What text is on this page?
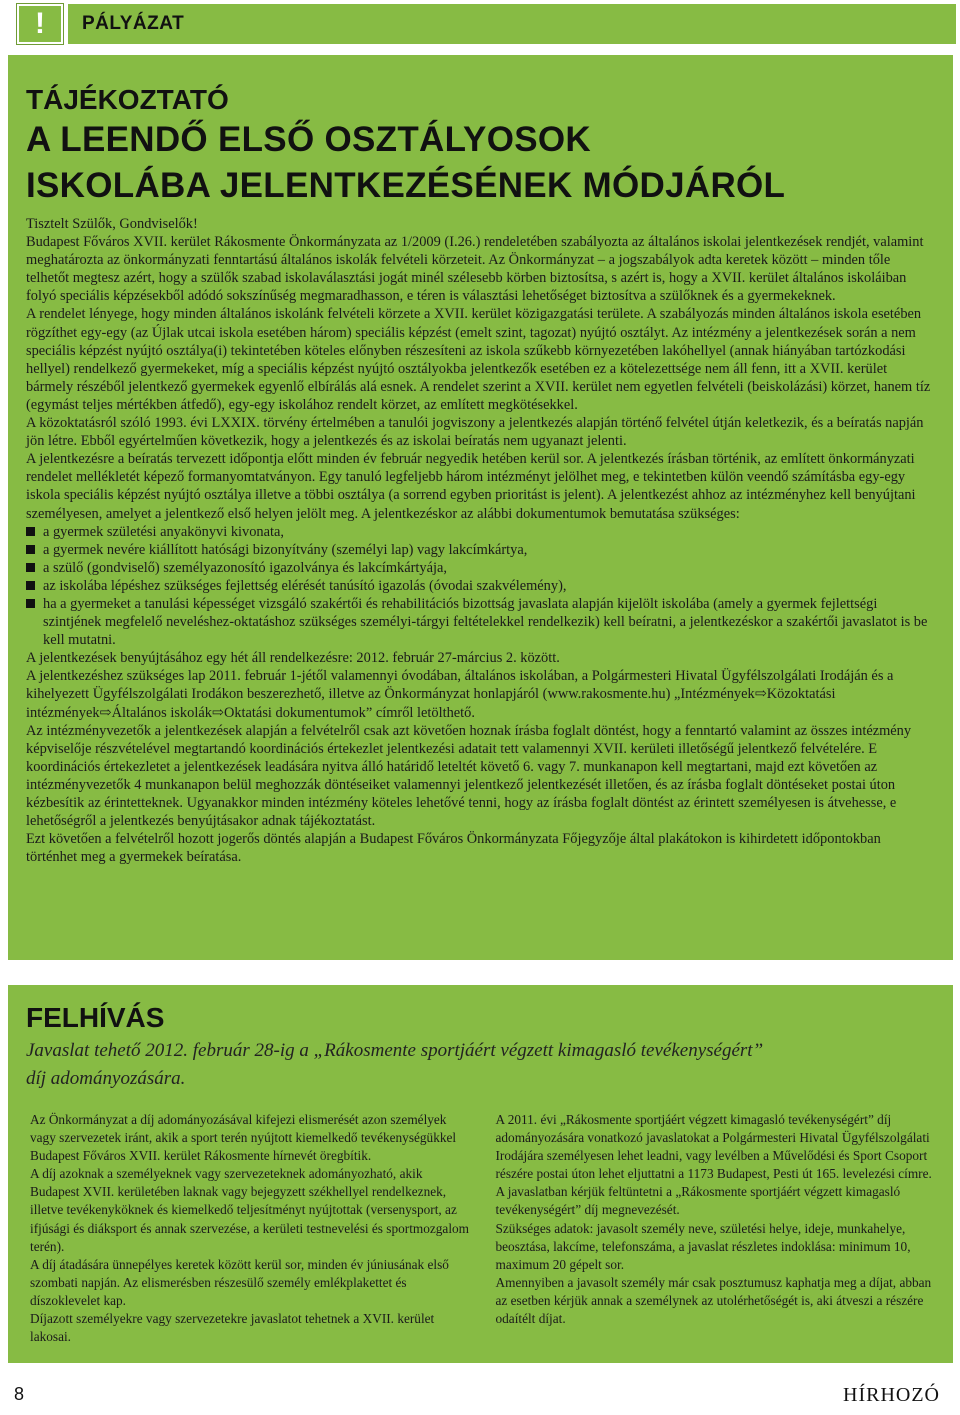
! PÁLYÁZAT
TÁJÉKOZTATÓ
A LEENDŐ ELSŐ OSZTÁLYOSOK
ISKOLÁBA JELENTKEZÉSÉNEK MÓDJÁRÓL

Tisztelt Szülők, Gondviselők!

Budapest Főváros XVII. kerület Rákosmente Önkormányzata az 1/2009 (I.26.) rendeletében szabályozta az általános iskolai jelentkezések rendjét, valamint meghatározta az önkormányzati fenntartású általános iskolák felvételi körzeteit. Az Önkormányzat – a jogszabályok adta keretek között – minden tőle telhetőt megtesz azért, hogy a szülők szabad iskolaválasztási jogát minél szélesebb körben biztosítsa, s azért is, hogy a XVII. kerület általános iskoláiban folyó speciális képzésekből adódó sokszínűség megmaradhasson, e téren is választási lehetőséget biztosítva a szülőknek és a gyermekeknek.

A rendelet lényege, hogy minden általános iskolánk felvételi körzete a XVII. kerület közigazgatási területe. A szabályozás minden általános iskola esetében rögzíthet egy-egy (az Újlak utcai iskola esetében három) speciális képzést (emelt szint, tagozat) nyújtó osztályt. Az intézmény a jelentkezések során a nem speciális képzést nyújtó osztálya(i) tekintetében köteles előnyben részesíteni az iskola szűkebb környezetében lakóhellyel (annak hiányában tartózkodási hellyel) rendelkező gyermekeket, míg a speciális képzést nyújtó osztályokba jelentkezők esetében ez a kötelezettsége nem áll fenn, itt a XVII. kerület bármely részéből jelentkező gyermekek egyenlő elbírálás alá esnek. A rendelet szerint a XVII. kerület nem egyetlen felvételi (beiskolázási) körzet, hanem tíz (egymást teljes mértékben átfedő), egy-egy iskolához rendelt körzet, az említett megkötésekkel.

A közoktatásról szóló 1993. évi LXXIX. törvény értelmében a tanulói jogviszony a jelentkezés alapján történő felvétel útján keletkezik, és a beíratás napján jön létre. Ebből egyértelműen következik, hogy a jelentkezés és az iskolai beíratás nem ugyanazt jelenti.

A jelentkezésre a beíratás tervezett időpontja előtt minden év február negyedik hetében kerül sor. A jelentkezés írásban történik, az említett önkormányzati rendelet mellékletét képező formanyomtatványon. Egy tanuló legfeljebb három intézményt jelölhet meg, e tekintetben külön veendő számításba egy-egy iskola speciális képzést nyújtó osztálya illetve a többi osztálya (a sorrend egyben prioritást is jelent). A jelentkezést ahhoz az intézményhez kell benyújtani személyesen, amelyet a jelentkező első helyen jelölt meg. A jelentkezéskor az alábbi dokumentumok bemutatása szükséges:

a gyermek születési anyakönyvi kivonata,
a gyermek nevére kiállított hatósági bizonyítvány (személyi lap) vagy lakcímkártya,
a szülő (gondviselő) személyazonosító igazolványa és lakcímkártyája,
az iskolába lépéshez szükséges fejlettség elérését tanúsító igazolás (óvodai szakvélemény),
ha a gyermeket a tanulási képességet vizsgáló szakértői és rehabilitációs bizottság javaslata alapján kijelölt iskolába (amely a gyermek fejlettségi szintjének megfelelő neveléshez-oktatáshoz szükséges személyi-tárgyi feltételekkel rendelkezik) kell beíratni, a jelentkezéskor a szakértői javaslatot is be kell mutatni.

A jelentkezések benyújtásához egy hét áll rendelkezésre: 2012. február 27-március 2. között.

A jelentkezéshez szükséges lap 2011. február 1-jétől valamennyi óvodában, általános iskolában, a Polgármesteri Hivatal Ügyfélszolgálati Irodáján és a kihelyezett Ügyfélszolgálati Irodákon beszerezhető, illetve az Önkormányzat honlapjáról (www.rakosmente.hu) „Intézmények⇨Közoktatási intézmények⇨Általános iskolák⇨Oktatási dokumentumok” címről letölthető.

Az intézményvezetők a jelentkezések alapján a felvételről csak azt követően hoznak írásba foglalt döntést, hogy a fenntartó valamint az összes intézmény képviselője részvételével megtartandó koordinációs értekezlet jelentkezési adatait tett valamennyi XVII. kerületi illetőségű jelentkező felvételére. E koordinációs értekezletet a jelentkezések leadására nyitva álló határidő leteltét követő 6. vagy 7. munkanapon kell megtartani, majd ezt követően az intézményvezetők 4 munkanapon belül meghozzák döntéseiket valamennyi jelentkező jelentkezését illetően, és az írásba foglalt döntéseket postai úton kézbesítik az érintetteknek. Ugyanakkor minden intézmény köteles lehetővé tenni, hogy az írásba foglalt döntést az érintett személyesen is átvehesse, e lehetőségről a jelentkezés benyújtásakor adnak tájékoztatást.

Ezt követően a felvételről hozott jogerős döntés alapján a Budapest Főváros Önkormányzata Főjegyzője által plakátokon is kihirdetett időpontokban történhet meg a gyermekek beíratása.

FELHÍVÁS
Javaslat tehető 2012. február 28-ig a „Rákosmente sportjáért végzett kimagasló tevékenységért”
díj adományozására.

Az Önkormányzat a díj adományozásával kifejezi elismerését azon személyek vagy szervezetek iránt, akik a sport terén nyújtott kiemelkedő tevékenységükkel Budapest Főváros XVII. kerület Rákosmente hírnevét öregbítik.

A díj azoknak a személyeknek vagy szervezeteknek adományozható, akik Budapest XVII. kerületében laknak vagy bejegyzett székhellyel rendelkeznek, illetve tevékenyköknek és kiemelkedő teljesítményt nyújtottak (versenysport, az ifjúsági és diáksport és annak szervezése, a kerületi testnevelési és sportmozgalom terén).

A díj átadására ünnepélyes keretek között kerül sor, minden év júniusának első szombati napján. Az elismerésben részesülő személy emlékplakettet és díszoklevelet kap.

Díjazott személyekre vagy szervezetekre javaslatot tehetnek a XVII. kerület lakosai.

A 2011. évi „Rákosmente sportjáért végzett kimagasló tevékenységért” díj adományozására vonatkozó javaslatokat a Polgármesteri Hivatal Ügyfélszolgálati Irodájára személyesen lehet leadni, vagy levélben a Művelődési és Sport Csoport részére postai úton lehet eljuttatni a 1173 Budapest, Pesti út 165. levelezési címre.

A javaslatban kérjük feltüntetni a „Rákosmente sportjáért végzett kimagasló tevékenységért” díj megnevezését.

Szükséges adatok: javasolt személy neve, születési helye, ideje, munkahelye, beosztása, lakcíme, telefonszáma, a javaslat részletes indoklása: minimum 10, maximum 20 gépelt sor.

Amennyiben a javasolt személy már csak posztumusz kaphatja meg a díjat, abban az esetben kérjük annak a személynek az utolérhetőségét is, aki átveszi a részére odaítélt díjat.

8	HÍRHOZÓ
